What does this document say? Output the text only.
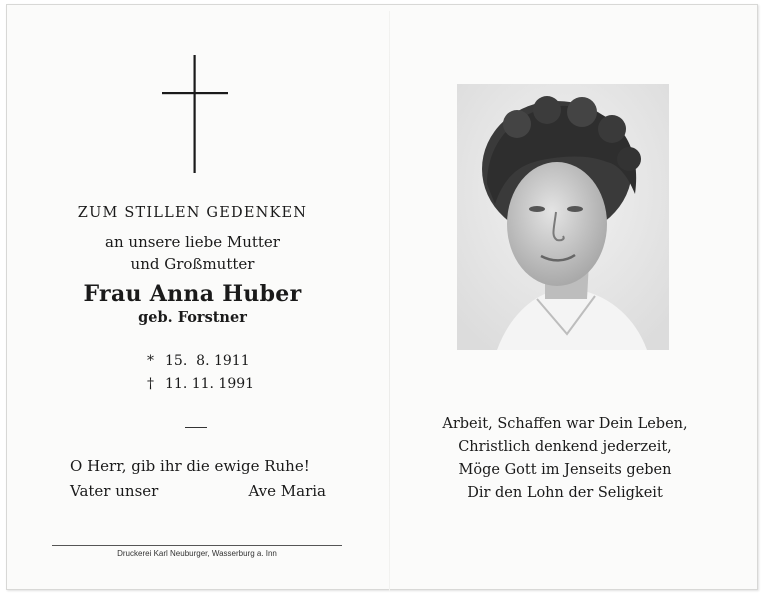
ZUM STILLEN GEDENKEN
an unsere liebe Mutter
und Großmutter
Frau Anna Huber
geb. Forstner
* 15.  8. 1911
† 11. 11. 1991
O Herr, gib ihr die ewige Ruhe!
Vater unser	Ave Maria
Druckerei Karl Neuburger, Wasserburg a. Inn
Arbeit, Schaffen war Dein Leben,
Christlich denkend jederzeit,
Möge Gott im Jenseits geben
Dir den Lohn der Seligkeit
